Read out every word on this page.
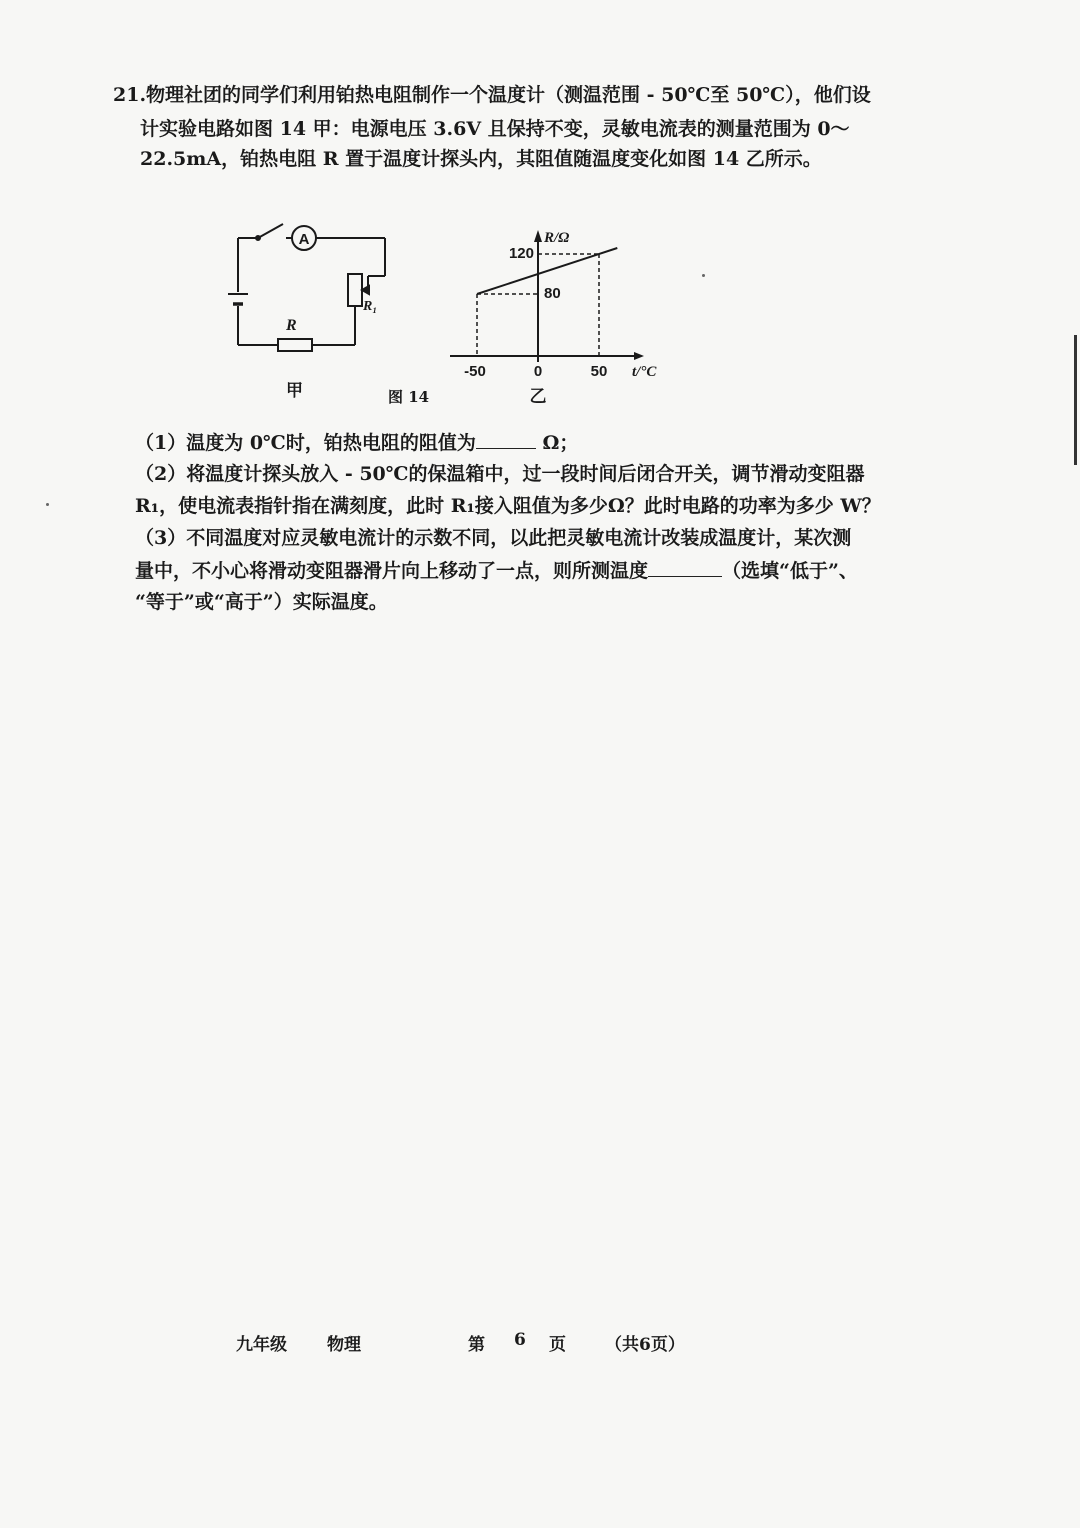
21.物理社团的同学们利用铂热电阻制作一个温度计（测温范围 - 50℃至 50℃），他们设
计实验电路如图 14 甲：电源电压 3.6V 且保持不变，灵敏电流表的测量范围为 0～
22.5mA，铂热电阻 R 置于温度计探头内，其阻值随温度变化如图 14 乙所示。
A
R
R₁
甲	图 14
R/Ω
t/°C
120
80
-50	0	50
乙
（1）温度为 0℃时，铂热电阻的阻值为	Ω；
（2）将温度计探头放入 - 50℃的保温箱中，过一段时间后闭合开关，调节滑动变阻器
R₁，使电流表指针指在满刻度，此时 R₁接入阻值为多少Ω？此时电路的功率为多少 W？
（3）不同温度对应灵敏电流计的示数不同，以此把灵敏电流计改装成温度计，某次测
量中，不小心将滑动变阻器滑片向上移动了一点，则所测温度	（选填“低于”、
“等于”或“高于”）实际温度。
九年级 物理	第 6 页 （共6页）
